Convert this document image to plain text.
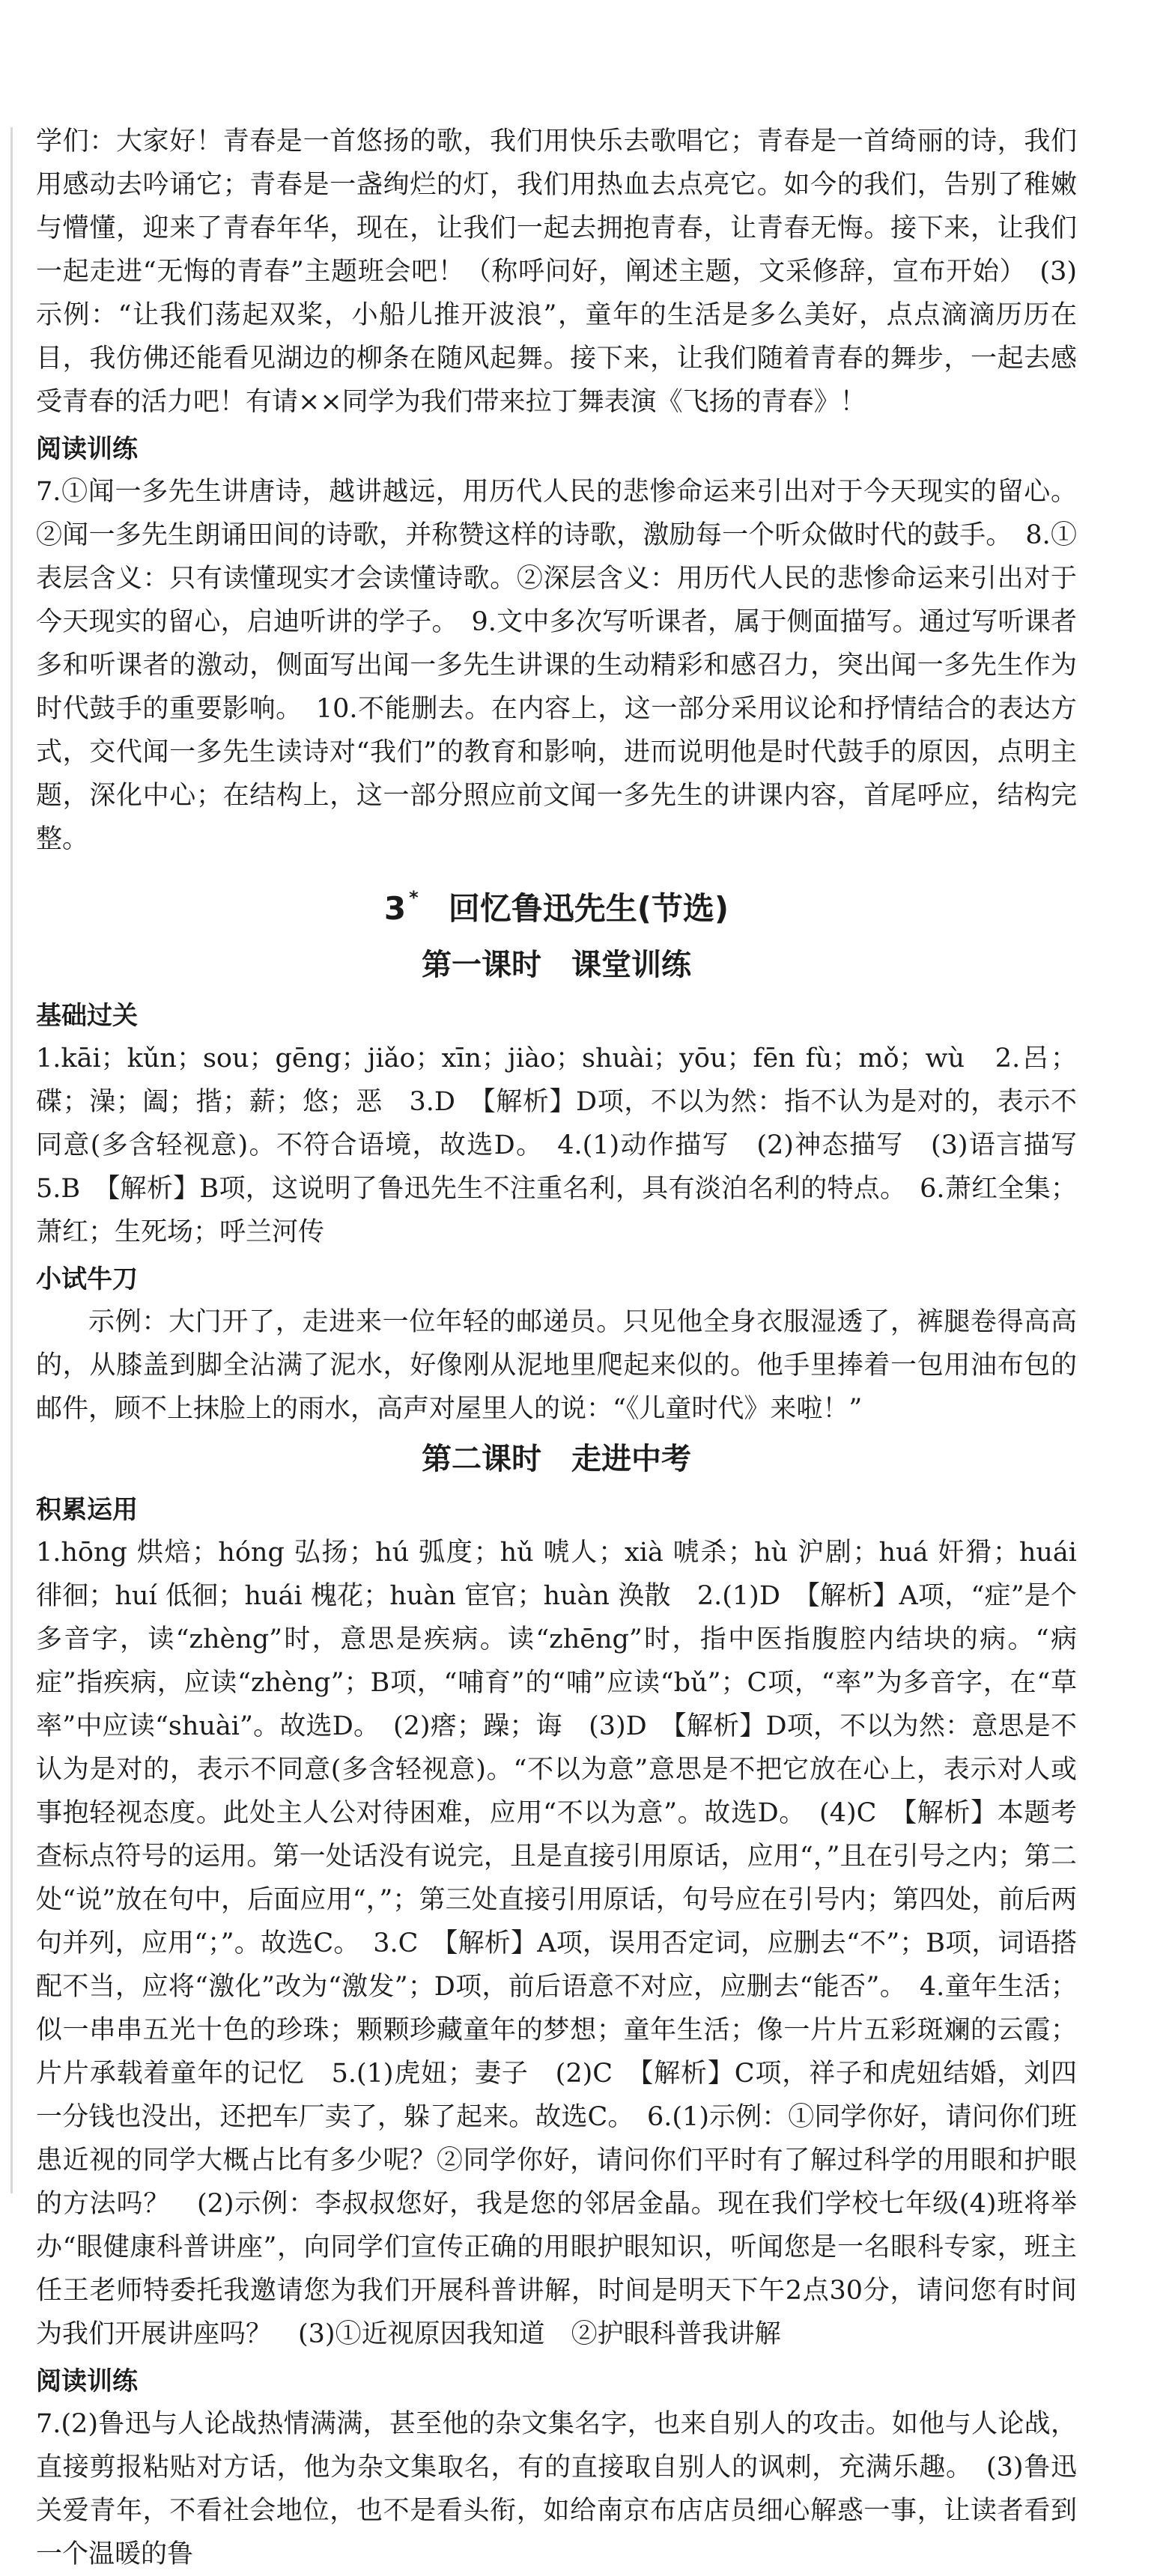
学们：大家好！青春是一首悠扬的歌，我们用快乐去歌唱它；青春是一首绮丽的诗，我们用感动去吟诵它；青春是一盏绚烂的灯，我们用热血去点亮它。如今的我们，告别了稚嫩与懵懂，迎来了青春年华，现在，让我们一起去拥抱青春，让青春无悔。接下来，让我们一起走进“无悔的青春”主题班会吧！（称呼问好，阐述主题，文采修辞，宣布开始）　(3)示例：“让我们荡起双桨，小船儿推开波浪”，童年的生活是多么美好，点点滴滴历历在目，我仿佛还能看见湖边的柳条在随风起舞。接下来，让我们随着青春的舞步，一起去感受青春的活力吧！有请××同学为我们带来拉丁舞表演《飞扬的青春》！

阅读训练

7.①闻一多先生讲唐诗，越讲越远，用历代人民的悲惨命运来引出对于今天现实的留心。②闻一多先生朗诵田间的诗歌，并称赞这样的诗歌，激励每一个听众做时代的鼓手。　8.①表层含义：只有读懂现实才会读懂诗歌。②深层含义：用历代人民的悲惨命运来引出对于今天现实的留心，启迪听讲的学子。　9.文中多次写听课者，属于侧面描写。通过写听课者多和听课者的激动，侧面写出闻一多先生讲课的生动精彩和感召力，突出闻一多先生作为时代鼓手的重要影响。　10.不能删去。在内容上，这一部分采用议论和抒情结合的表达方式，交代闻一多先生读诗对“我们”的教育和影响，进而说明他是时代鼓手的原因，点明主题，深化中心；在结构上，这一部分照应前文闻一多先生的讲课内容，首尾呼应，结构完整。

3 * 回忆鲁迅先生(节选)
第一课时 课堂训练
基础过关

1.kāi；kǔn；sou；gēng；jiǎo；xīn；jiào；shuài；yōu；fēn fù；mǒ；wù　2.呂；碟；澡；阖；揩；薪；悠；恶　3.D　【解析】D项，不以为然：指不认为是对的，表示不同意(多含轻视意)。不符合语境，故选D。　4.(1)动作描写　(2)神态描写　(3)语言描写　5.B　【解析】B项，这说明了鲁迅先生不注重名利，具有淡泊名利的特点。　6.萧红全集；萧红；生死场；呼兰河传

小试牛刀

示例：大门开了，走进来一位年轻的邮递员。只见他全身衣服湿透了，裤腿卷得高高的，从膝盖到脚全沾满了泥水，好像刚从泥地里爬起来似的。他手里捧着一包用油布包的邮件，顾不上抹脸上的雨水，高声对屋里人的说：“《儿童时代》来啦！”

第二课时 走进中考
积累运用

1.hōng 烘焙；hóng 弘扬；hú 弧度；hǔ 唬人；xià 唬杀；hù 沪剧；huá 奸猾；huái 徘徊；huí 低徊；huái 槐花；huàn 宦官；huàn 涣散　2.(1)D　【解析】A项，“症”是个多音字，读“zhèng”时，意思是疾病。读“zhēng”时，指中医指腹腔内结块的病。“病症”指疾病，应读“zhèng”；B项，“哺育”的“哺”应读“bǔ”；C项，“率”为多音字，在“草率”中应读“shuài”。故选D。　(2)瘩；躁；诲　(3)D　【解析】D项，不以为然：意思是不认为是对的，表示不同意(多含轻视意)。“不以为意”意思是不把它放在心上，表示对人或事抱轻视态度。此处主人公对待困难，应用“不以为意”。故选D。　(4)C　【解析】本题考查标点符号的运用。第一处话没有说完，且是直接引用原话，应用“，”且在引号之内；第二处“说”放在句中，后面应用“，”；第三处直接引用原话，句号应在引号内；第四处，前后两句并列，应用“；”。故选C。　3.C　【解析】A项，误用否定词，应删去“不”；B项，词语搭配不当，应将“激化”改为“激发”；D项，前后语意不对应，应删去“能否”。　4.童年生活；似一串串五光十色的珍珠；颗颗珍藏童年的梦想；童年生活；像一片片五彩斑斓的云霞；片片承载着童年的记忆　5.(1)虎妞；妻子　(2)C　【解析】C项，祥子和虎妞结婚，刘四一分钱也没出，还把车厂卖了，躲了起来。故选C。　6.(1)示例：①同学你好，请问你们班患近视的同学大概占比有多少呢？②同学你好，请问你们平时有了解过科学的用眼和护眼的方法吗？　(2)示例：李叔叔您好，我是您的邻居金晶。现在我们学校七年级(4)班将举办“眼健康科普讲座”，向同学们宣传正确的用眼护眼知识，听闻您是一名眼科专家，班主任王老师特委托我邀请您为我们开展科普讲解，时间是明天下午2点30分，请问您有时间为我们开展讲座吗？　(3)①近视原因我知道　②护眼科普我讲解

阅读训练

7.(2)鲁迅与人论战热情满满，甚至他的杂文集名字，也来自别人的攻击。如他与人论战，直接剪报粘贴对方话，他为杂文集取名，有的直接取自别人的讽刺，充满乐趣。　(3)鲁迅关爱青年，不看社会地位，也不是看头衔，如给南京布店店员细心解惑一事，让读者看到一个温暖的鲁
